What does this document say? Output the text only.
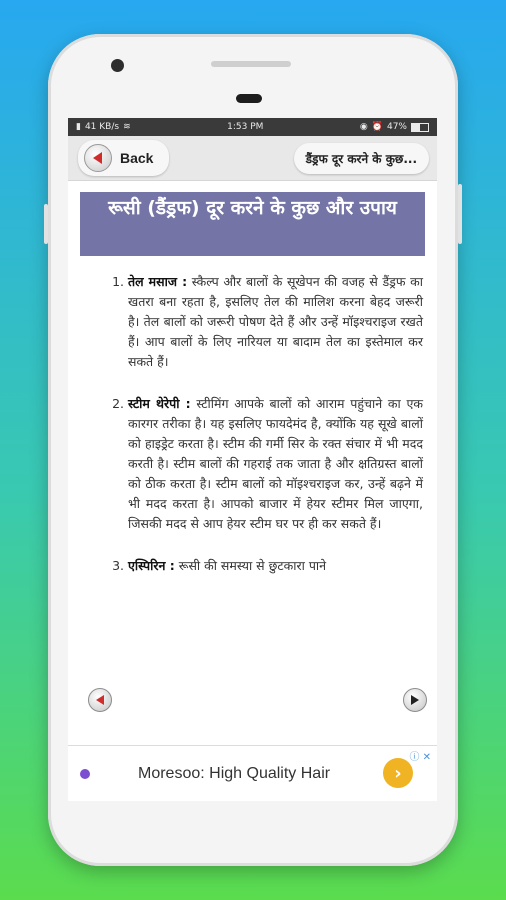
▮ 41 KB/s ≋	1:53 PM	◉ ⏰ 47%
Back	डैंड्रफ दूर करने के कुछ...
रूसी (डैंड्रफ) दूर करने के कुछ और उपाय
1. तेल मसाज : स्कैल्प और बालों के सूखेपन की वजह से डैंड्रफ का खतरा बना रहता है, इसलिए तेल की मालिश करना बेहद जरूरी है। तेल बालों को जरूरी पोषण देते हैं और उन्हें मॉइश्चराइज रखते हैं। आप बालों के लिए नारियल या बादाम तेल का इस्तेमाल कर सकते हैं।
2. स्टीम थेरेपी : स्टीमिंग आपके बालों को आराम पहुंचाने का एक कारगर तरीका है। यह इसलिए फायदेमंद है, क्योंकि यह सूखे बालों को हाइड्रेट करता है। स्टीम की गर्मी सिर के रक्त संचार में भी मदद करती है। स्टीम बालों की गहराई तक जाता है और क्षतिग्रस्त बालों को ठीक करता है। स्टीम बालों को मॉइश्चराइज कर, उन्हें बढ़ने में भी मदद करता है। आपको बाजार में हेयर स्टीमर मिल जाएगा, जिसकी मदद से आप हेयर स्टीम घर पर ही कर सकते हैं।
3. एस्पिरिन : रूसी की समस्या से छुटकारा पाने
Moresoo: High Quality Hair	›
ⓘ ✕
